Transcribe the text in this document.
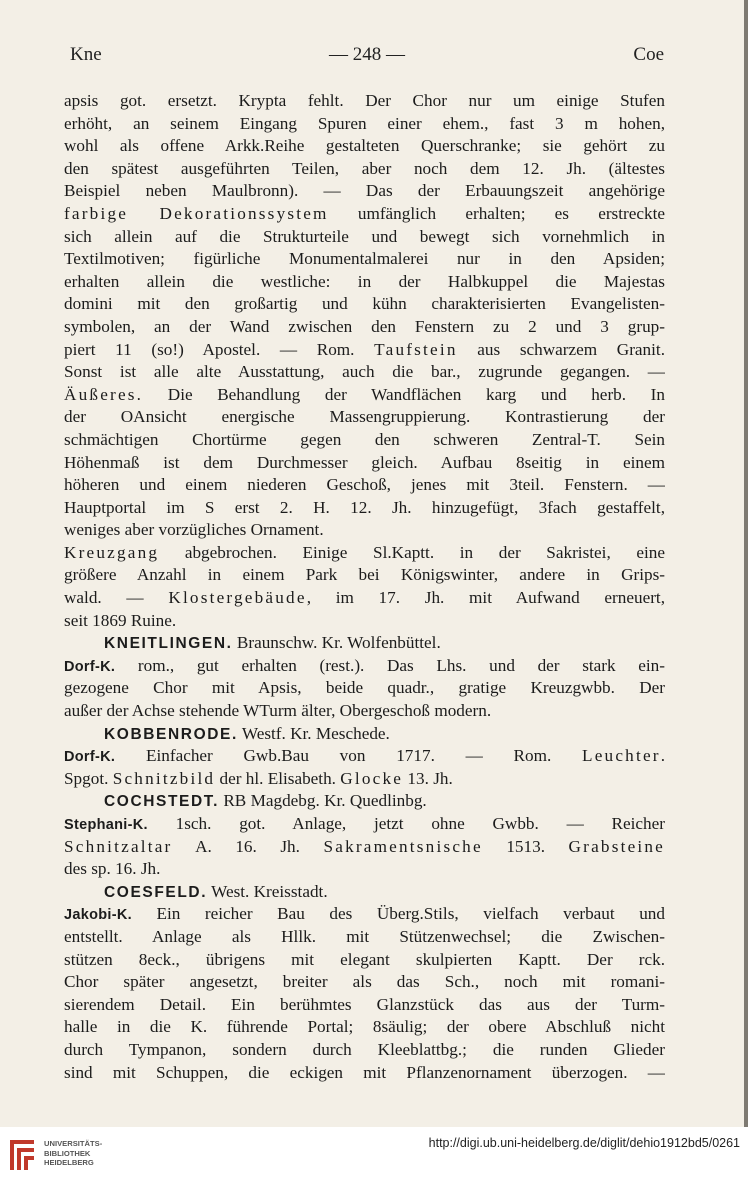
Kne	— 248 —	Coe
apsis got. ersetzt. Krypta fehlt. Der Chor nur um einige Stufen
erhöht, an seinem Eingang Spuren einer ehem., fast 3 m hohen,
wohl als offene Arkk.Reihe gestalteten Querschranke; sie gehört zu
den spätest ausgeführten Teilen, aber noch dem 12. Jh. (ältestes
Beispiel neben Maulbronn). — Das der Erbauungszeit angehörige
farbige Dekorationssystem umfänglich erhalten; es erstreckte
sich allein auf die Strukturteile und bewegt sich vornehmlich in
Textilmotiven; figürliche Monumentalmalerei nur in den Apsiden;
erhalten allein die westliche: in der Halbkuppel die Majestas
domini mit den großartig und kühn charakterisierten Evangelisten-
symbolen, an der Wand zwischen den Fenstern zu 2 und 3 grup-
piert 11 (so!) Apostel. — Rom. Taufstein aus schwarzem Granit.
Sonst ist alle alte Ausstattung, auch die bar., zugrunde gegangen. —
Äußeres. Die Behandlung der Wandflächen karg und herb. In
der OAnsicht energische Massengruppierung. Kontrastierung der
schmächtigen Chortürme gegen den schweren Zentral-T. Sein
Höhenmaß ist dem Durchmesser gleich. Aufbau 8seitig in einem
höheren und einem niederen Geschoß, jenes mit 3teil. Fenstern. —
Hauptportal im S erst 2. H. 12. Jh. hinzugefügt, 3fach gestaffelt,
weniges aber vorzügliches Ornament.
Kreuzgang abgebrochen. Einige Sl.Kaptt. in der Sakristei, eine
größere Anzahl in einem Park bei Königswinter, andere in Grips-
wald. — Klostergebäude, im 17. Jh. mit Aufwand erneuert,
seit 1869 Ruine.
KNEITLINGEN. Braunschw. Kr. Wolfenbüttel.
Dorf-K. rom., gut erhalten (rest.). Das Lhs. und der stark ein-
gezogene Chor mit Apsis, beide quadr., gratige Kreuzgwbb. Der
außer der Achse stehende WTurm älter, Obergeschoß modern.
KOBBENRODE. Westf. Kr. Meschede.
Dorf-K. Einfacher Gwb.Bau von 1717. — Rom. Leuchter.
Spgot. Schnitzbild der hl. Elisabeth. Glocke 13. Jh.
COCHSTEDT. RB Magdebg. Kr. Quedlinbg.
Stephani-K. 1sch. got. Anlage, jetzt ohne Gwbb. — Reicher
Schnitzaltar A. 16. Jh. Sakramentsnische 1513. Grabsteine
des sp. 16. Jh.
COESFELD. West. Kreisstadt.
Jakobi-K. Ein reicher Bau des Überg.Stils, vielfach verbaut und
entstellt. Anlage als Hllk. mit Stützenwechsel; die Zwischen-
stützen 8eck., übrigens mit elegant skulpierten Kaptt. Der rck.
Chor später angesetzt, breiter als das Sch., noch mit romani-
sierendem Detail. Ein berühmtes Glanzstück das aus der Turm-
halle in die K. führende Portal; 8säulig; der obere Abschluß nicht
durch Tympanon, sondern durch Kleeblattbg.; die runden Glieder
sind mit Schuppen, die eckigen mit Pflanzenornament überzogen. —
UNIVERSITÄTS-
BIBLIOTHEK
HEIDELBERG
http://digi.ub.uni-heidelberg.de/diglit/dehio1912bd5/0261
